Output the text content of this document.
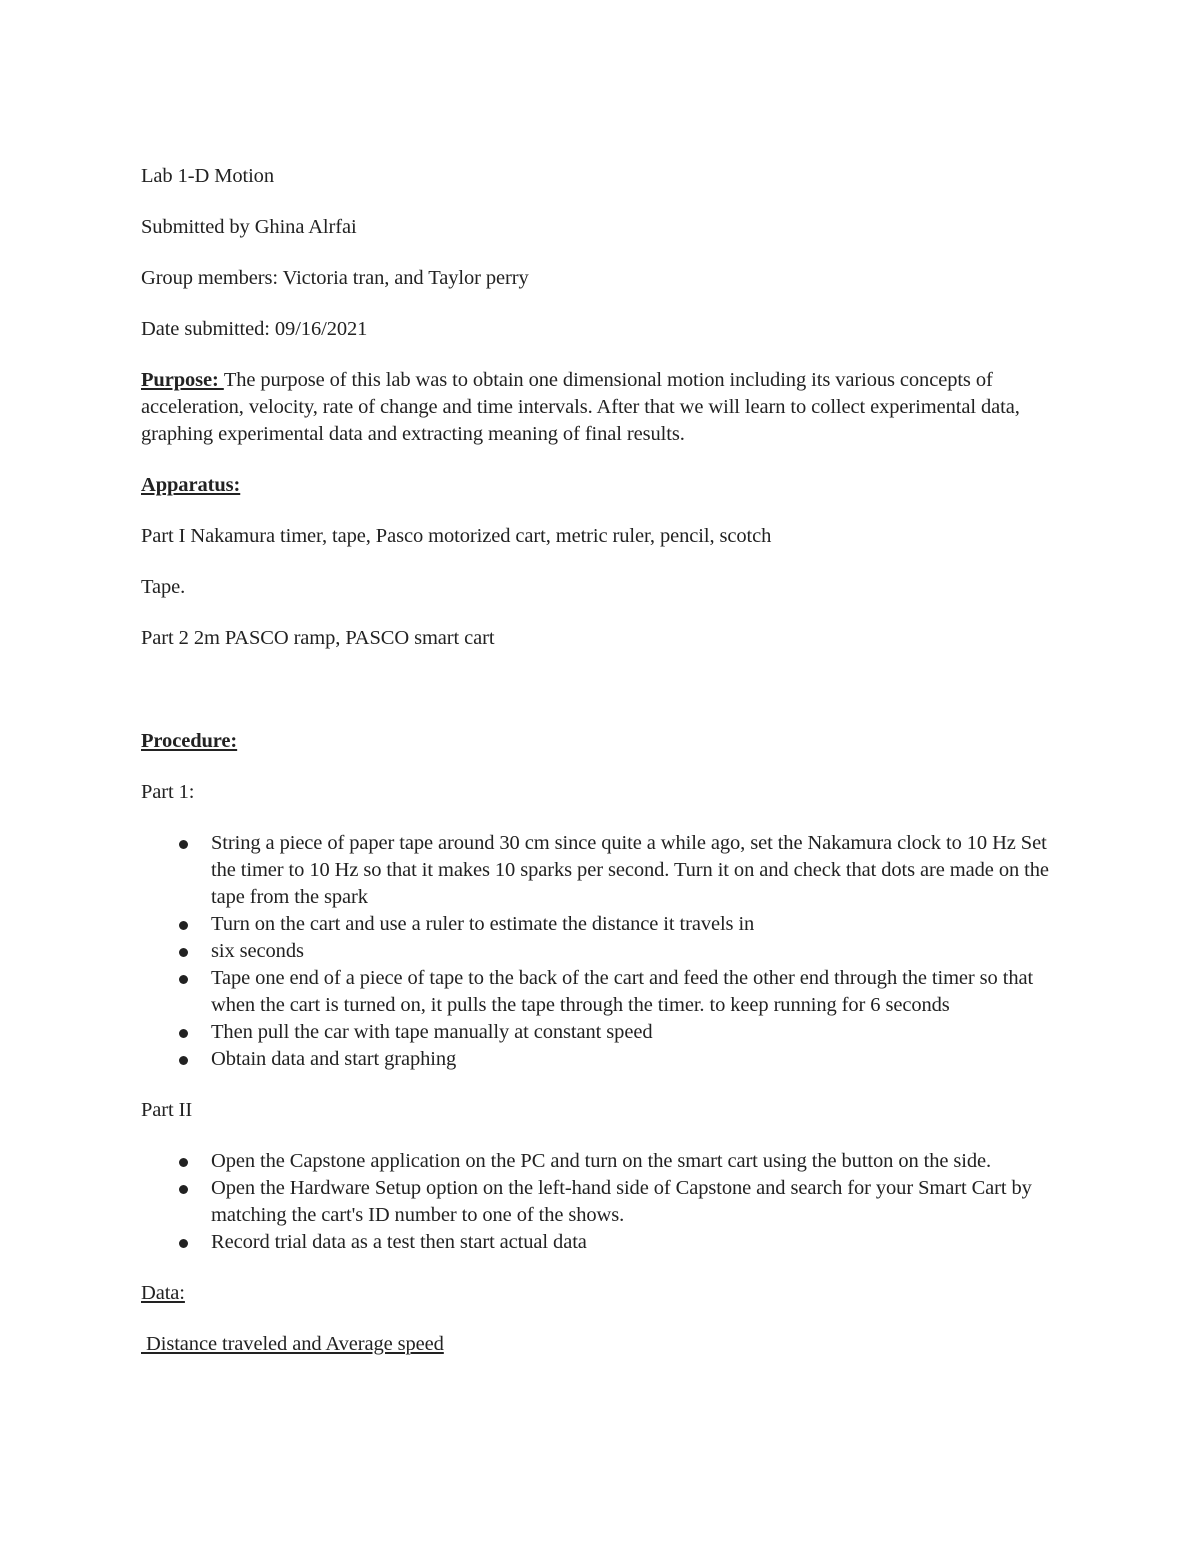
Lab 1-D Motion

Submitted by Ghina Alrfai

Group members: Victoria tran, and Taylor perry

Date submitted: 09/16/2021

Purpose: The purpose of this lab was to obtain one dimensional motion including its various concepts of acceleration, velocity, rate of change and time intervals. After that we will learn to collect experimental data, graphing experimental data and extracting meaning of final results.

Apparatus:

Part I Nakamura timer, tape, Pasco motorized cart, metric ruler, pencil, scotch

Tape.

Part 2 2m PASCO ramp, PASCO smart cart

Procedure:

Part 1:

String a piece of paper tape around 30 cm since quite a while ago, set the Nakamura clock to 10 Hz Set the timer to 10 Hz so that it makes 10 sparks per second. Turn it on and check that dots are made on the tape from the spark
Turn on the cart and use a ruler to estimate the distance it travels in
six seconds
Tape one end of a piece of tape to the back of the cart and feed the other end through the timer so that when the cart is turned on, it pulls the tape through the timer. to keep running for 6 seconds
Then pull the car with tape manually at constant speed
Obtain data and start graphing

Part II

Open the Capstone application on the PC and turn on the smart cart using the button on the side.
Open the Hardware Setup option on the left-hand side of Capstone and search for your Smart Cart by matching the cart's ID number to one of the shows.
Record trial data as a test then start actual data

Data:

Distance traveled and Average speed
